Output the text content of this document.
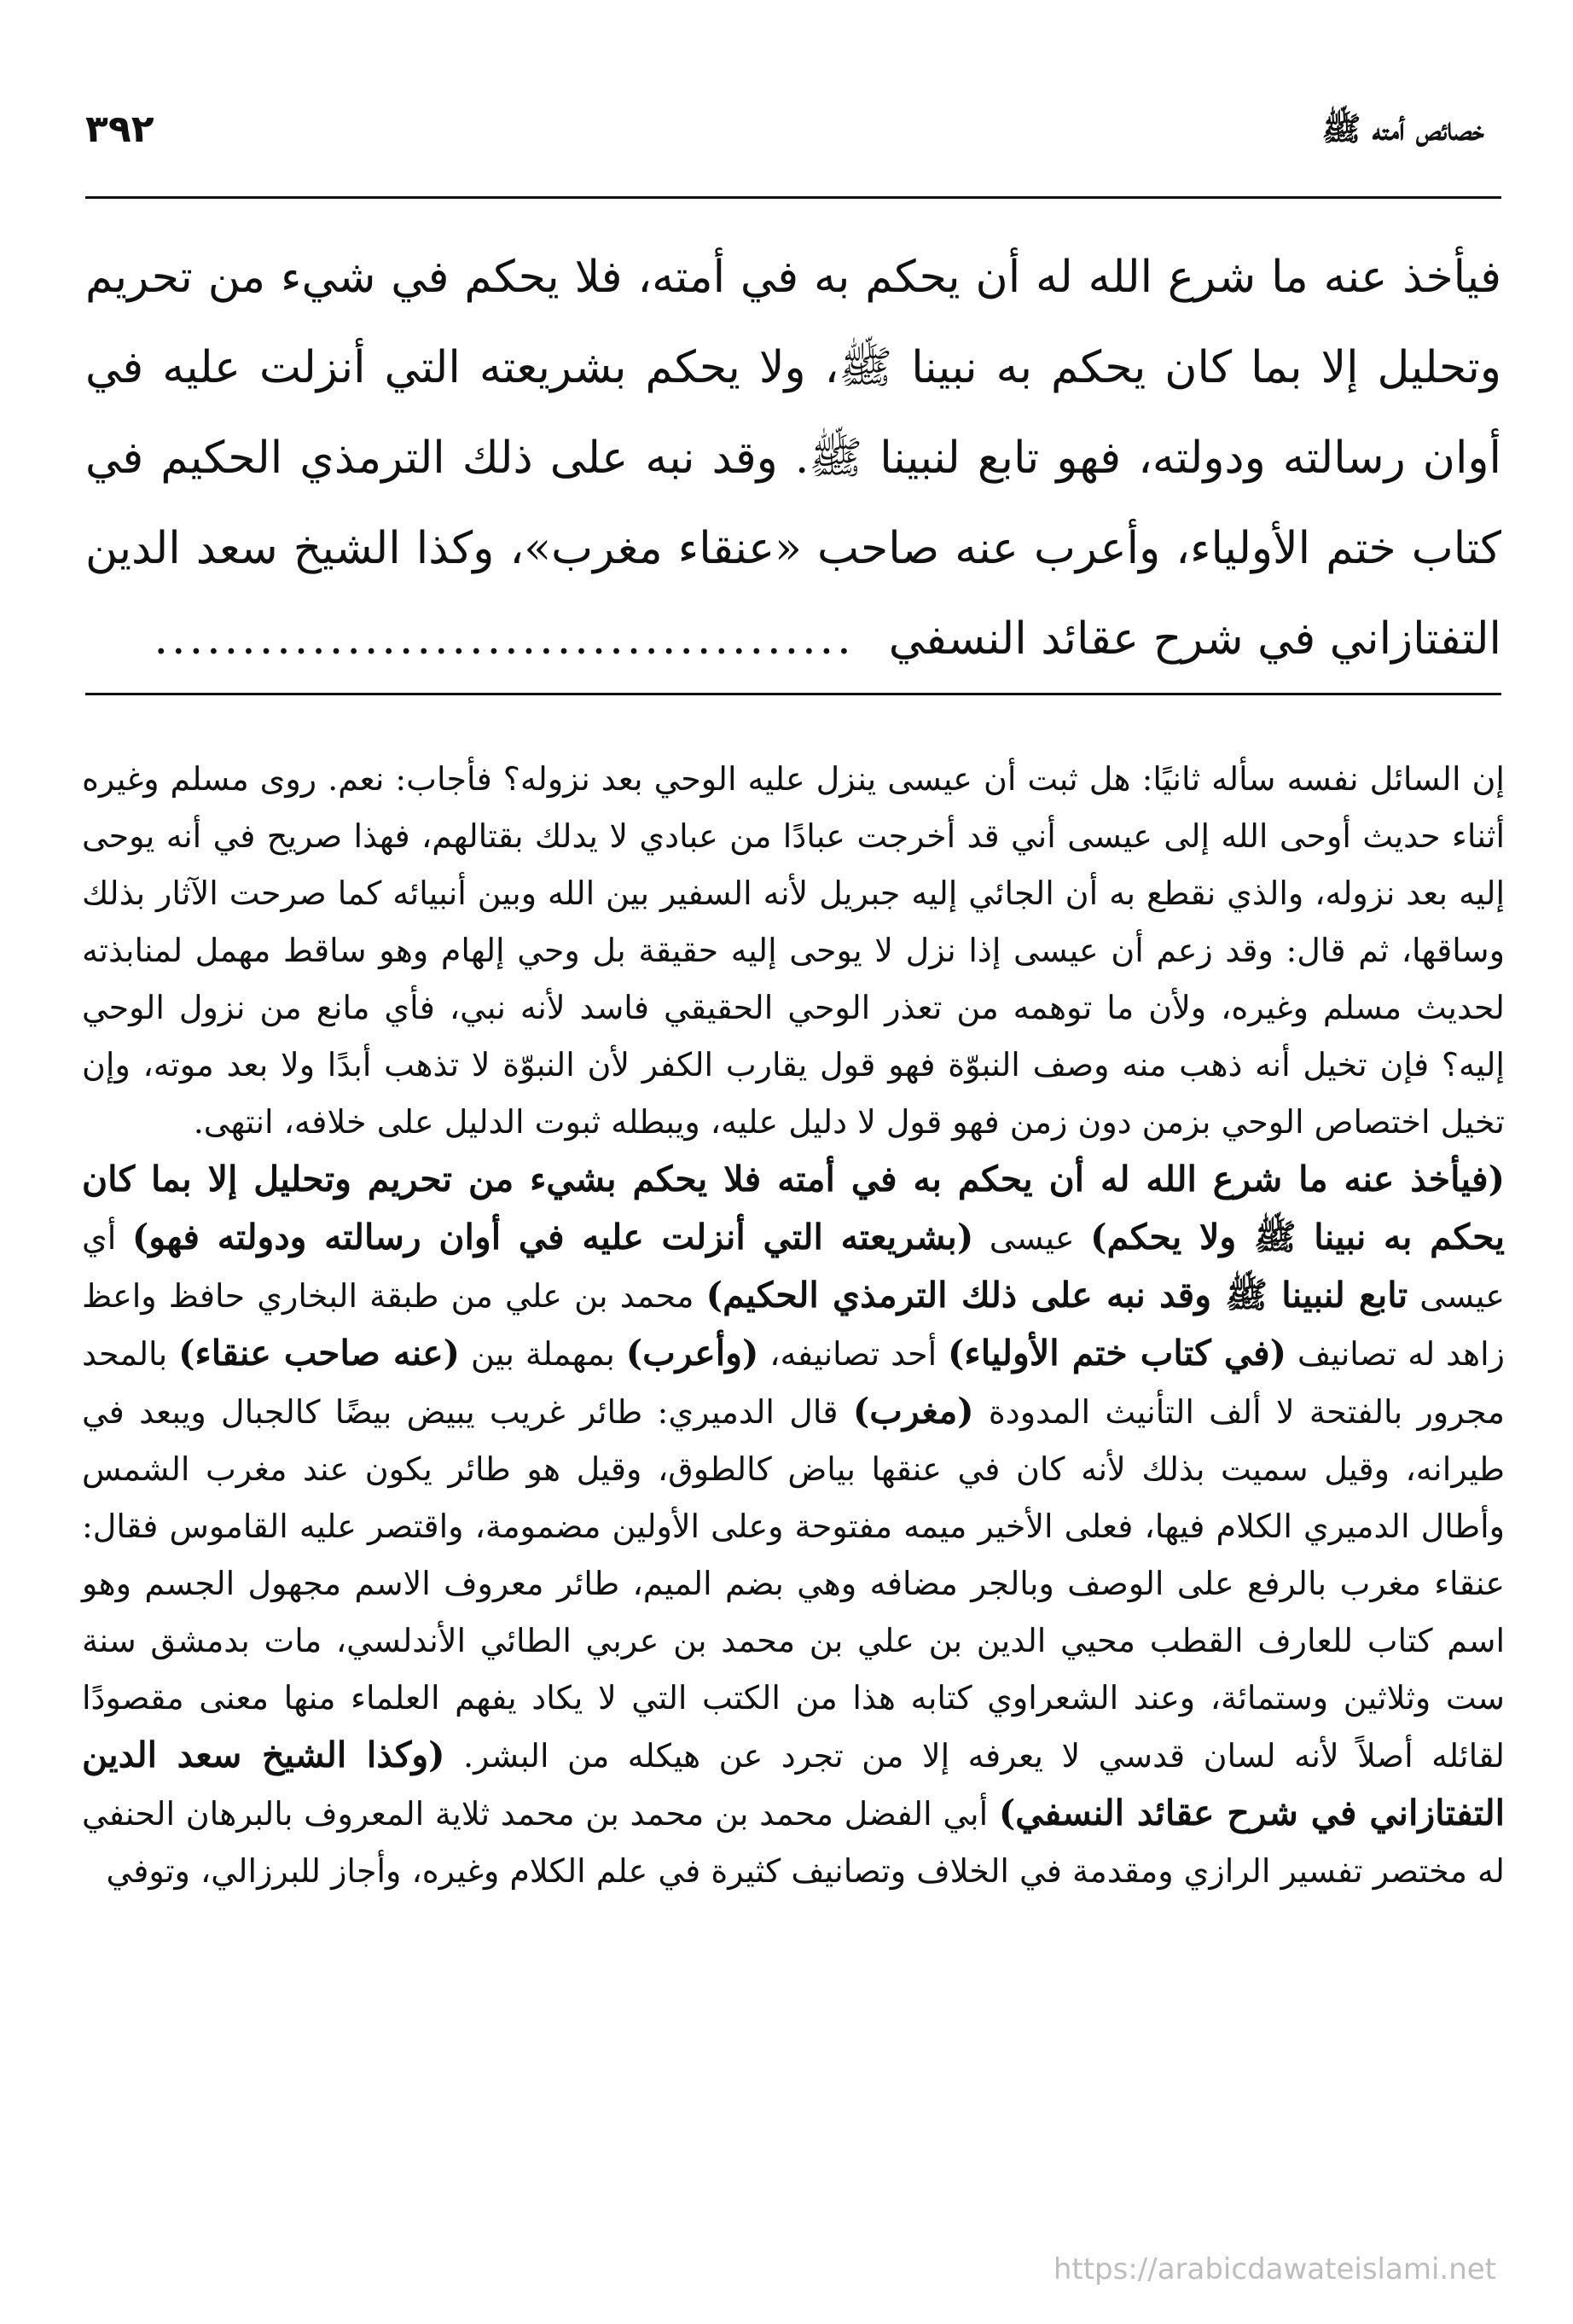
٣٩٢	خصائص أمته ﷺ
فيأخذ عنه ما شرع الله له أن يحكم به في أمته، فلا يحكم في شيء من تحريم وتحليل إلا بما كان يحكم به نبينا ﷺ، ولا يحكم بشريعته التي أنزلت عليه في أوان رسالته ودولته، فهو تابع لنبينا ﷺ. وقد نبه على ذلك الترمذي الحكيم في كتاب ختم الأولياء، وأعرب عنه صاحب «عنقاء مغرب»، وكذا الشيخ سعد الدين التفتازاني في شرح عقائد النسفي........................................

إن السائل نفسه سأله ثانيًا: هل ثبت أن عيسى ينزل عليه الوحي بعد نزوله؟ فأجاب: نعم. روى مسلم وغيره أثناء حديث أوحى الله إلى عيسى أني قد أخرجت عبادًا من عبادي لا يدلك بقتالهم، فهذا صريح في أنه يوحى إليه بعد نزوله، والذي نقطع به أن الجائي إليه جبريل لأنه السفير بين الله وبين أنبيائه كما صرحت الآثار بذلك وساقها، ثم قال: وقد زعم أن عيسى إذا نزل لا يوحى إليه حقيقة بل وحي إلهام وهو ساقط مهمل لمنابذته لحديث مسلم وغيره، ولأن ما توهمه من تعذر الوحي الحقيقي فاسد لأنه نبي، فأي مانع من نزول الوحي إليه؟ فإن تخيل أنه ذهب منه وصف النبوّة فهو قول يقارب الكفر لأن النبوّة لا تذهب أبدًا ولا بعد موته، وإن تخيل اختصاص الوحي بزمن دون زمن فهو قول لا دليل عليه، ويبطله ثبوت الدليل على خلافه، انتهى.

(فيأخذ عنه ما شرع الله له أن يحكم به في أمته فلا يحكم بشيء من تحريم وتحليل إلا بما كان يحكم به نبينا ﷺ ولا يحكم) عيسى (بشريعته التي أنزلت عليه في أوان رسالته ودولته فهو) أي عيسى تابع لنبينا ﷺ وقد نبه على ذلك الترمذي الحكيم) محمد بن علي من طبقة البخاري حافظ واعظ زاهد له تصانيف (في كتاب ختم الأولياء) أحد تصانيفه، (وأعرب) بمهملة بين (عنه صاحب عنقاء) بالمحد مجرور بالفتحة لا ألف التأنيث المدودة (مغرب) قال الدميري: طائر غريب يبيض بيضًا كالجبال ويبعد في طيرانه، وقيل سميت بذلك لأنه كان في عنقها بياض كالطوق، وقيل هو طائر يكون عند مغرب الشمس وأطال الدميري الكلام فيها، فعلى الأخير ميمه مفتوحة وعلى الأولين مضمومة، واقتصر عليه القاموس فقال: عنقاء مغرب بالرفع على الوصف وبالجر مضافه وهي بضم الميم، طائر معروف الاسم مجهول الجسم وهو اسم كتاب للعارف القطب محيي الدين بن علي بن محمد بن عربي الطائي الأندلسي، مات بدمشق سنة ست وثلاثين وستمائة، وعند الشعراوي كتابه هذا من الكتب التي لا يكاد يفهم العلماء منها معنى مقصودًا لقائله أصلاً لأنه لسان قدسي لا يعرفه إلا من تجرد عن هيكله من البشر. (وكذا الشيخ سعد الدين التفتازاني في شرح عقائد النسفي) أبي الفضل محمد بن محمد بن محمد ثلاية المعروف بالبرهان الحنفي له مختصر تفسير الرازي ومقدمة في الخلاف وتصانيف كثيرة في علم الكلام وغيره، وأجاز للبرزالي، وتوفي

https://arabicdawateislami.net
